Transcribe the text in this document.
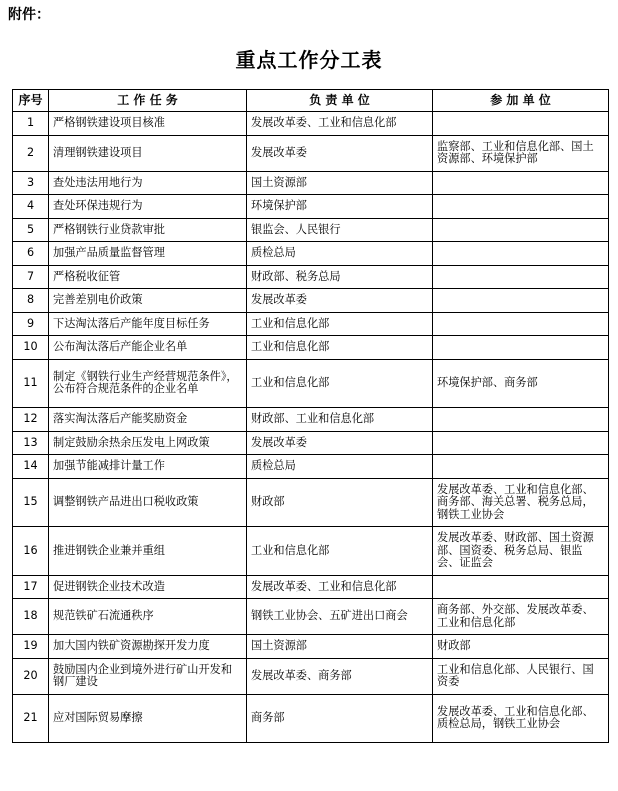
附件：
重点工作分工表
序号	工 作 任 务	负 责 单 位	参 加 单 位
1	严格钢铁建设项目核准	发展改革委、工业和信息化部	
2	清理钢铁建设项目	发展改革委	监察部、工业和信息化部、国土资源部、环境保护部
3	查处违法用地行为	国土资源部	
4	查处环保违规行为	环境保护部	
5	严格钢铁行业贷款审批	银监会、人民银行	
6	加强产品质量监督管理	质检总局	
7	严格税收征管	财政部、税务总局	
8	完善差别电价政策	发展改革委	
9	下达淘汰落后产能年度目标任务	工业和信息化部	
10	公布淘汰落后产能企业名单	工业和信息化部	
11	制定《钢铁行业生产经营规范条件》，公布符合规范条件的企业名单	工业和信息化部	环境保护部、商务部
12	落实淘汰落后产能奖励资金	财政部、工业和信息化部	
13	制定鼓励余热余压发电上网政策	发展改革委	
14	加强节能减排计量工作	质检总局	
15	调整钢铁产品进出口税收政策	财政部	发展改革委、工业和信息化部、商务部、海关总署、税务总局，钢铁工业协会
16	推进钢铁企业兼并重组	工业和信息化部	发展改革委、财政部、国土资源部、国资委、税务总局、银监会、证监会
17	促进钢铁企业技术改造	发展改革委、工业和信息化部	
18	规范铁矿石流通秩序	钢铁工业协会、五矿进出口商会	商务部、外交部、发展改革委、工业和信息化部
19	加大国内铁矿资源勘探开发力度	国土资源部	财政部
20	鼓励国内企业到境外进行矿山开发和钢厂建设	发展改革委、商务部	工业和信息化部、人民银行、国资委
21	应对国际贸易摩擦	商务部	发展改革委、工业和信息化部、质检总局，钢铁工业协会
